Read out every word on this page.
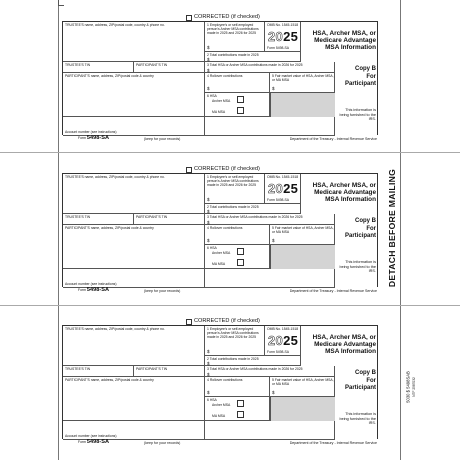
CORRECTED (if checked)
TRUSTEE'S name, address, ZIP/postal code, country & phone no.	1 Employee's or self-employed person's Archer MSA contributions made in 2025 and 2026 for 2025
$
OMB No. 1545-1518
2025
Form 5498-SA
HSA, Archer MSA, or Medicare Advantage MSA Information
2 Total contributions made in 2025
$
TRUSTEE'S TIN	PARTICIPANT'S TIN	3 Total HSA or Archer MSA contributions made in 2026 for 2025
$	Copy B
For
Participant
PARTICIPANT'S name, address, ZIP/postal code & country	4 Rollover contributions
$
5 Fair market value of HSA, Archer MSA, or MA MSA
$
6 HSA
Archer MSA
MA MSA	This information is being furnished to the IRS.
Account number (see instructions)
Form 5498-SA	(keep for your records)	Department of the Treasury - Internal Revenue Service
CORRECTED (if checked)
TRUSTEE'S name, address, ZIP/postal code, country & phone no.	1 Employee's or self-employed person's Archer MSA contributions made in 2025 and 2026 for 2025
$
OMB No. 1545-1518
2025
Form 5498-SA
HSA, Archer MSA, or Medicare Advantage MSA Information
2 Total contributions made in 2025
$
TRUSTEE'S TIN	PARTICIPANT'S TIN	3 Total HSA or Archer MSA contributions made in 2026 for 2025
$	Copy B
For
Participant
PARTICIPANT'S name, address, ZIP/postal code & country	4 Rollover contributions
$
5 Fair market value of HSA, Archer MSA, or MA MSA
$
6 HSA
Archer MSA
MA MSA	This information is being furnished to the IRS.
Account number (see instructions)
Form 5498-SA	(keep for your records)	Department of the Treasury - Internal Revenue Service
CORRECTED (if checked)
TRUSTEE'S name, address, ZIP/postal code, country & phone no.	1 Employee's or self-employed person's Archer MSA contributions made in 2025 and 2026 for 2025
$
OMB No. 1545-1518
2025
Form 5498-SA
HSA, Archer MSA, or Medicare Advantage MSA Information
2 Total contributions made in 2025
$
TRUSTEE'S TIN	PARTICIPANT'S TIN	3 Total HSA or Archer MSA contributions made in 2026 for 2025
$	Copy B
For
Participant
PARTICIPANT'S name, address, ZIP/postal code & country	4 Rollover contributions
$
5 Fair market value of HSA, Archer MSA, or MA MSA
$
6 HSA
Archer MSA
MA MSA	This information is being furnished to the IRS.
Account number (see instructions)
Form 5498-SA	(keep for your records)	Department of the Treasury - Internal Revenue Service
DETACH BEFORE MAILING
5030 $ 5498SAB NTF 2587032
